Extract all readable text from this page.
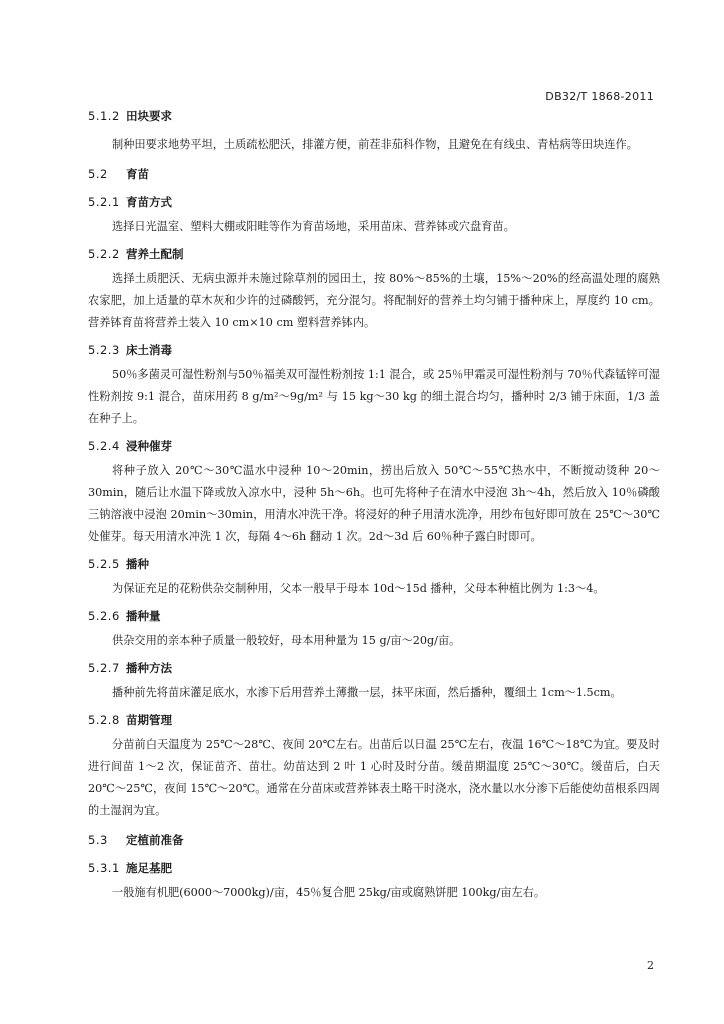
DB32/T 1868-2011
5.1.2 田块要求

制种田要求地势平坦，土质疏松肥沃，排灌方便，前茬非茄科作物，且避免在有线虫、青枯病等田块连作。

5.2 育苗
5.2.1 育苗方式

选择日光温室、塑料大棚或阳畦等作为育苗场地，采用苗床、营养钵或穴盘育苗。

5.2.2 营养土配制

选择土质肥沃、无病虫源并未施过除草剂的园田土，按 80%～85%的土壤，15%～20%的经高温处理的腐熟农家肥，加上适量的草木灰和少许的过磷酸钙，充分混匀。将配制好的营养土均匀铺于播种床上，厚度约 10 cm。营养钵育苗将营养土装入 10 cm×10 cm 塑料营养钵内。

5.2.3 床土消毒

50％多菌灵可湿性粉剂与50％福美双可湿性粉剂按 1:1 混合，或 25％甲霜灵可湿性粉剂与 70％代森锰锌可湿性粉剂按 9:1 混合，苗床用药 8 g/m²～9g/m² 与 15 kg～30 kg 的细土混合均匀，播种时 2/3 铺于床面，1/3 盖在种子上。

5.2.4 浸种催芽

将种子放入 20℃～30℃温水中浸种 10～20min，捞出后放入 50℃～55℃热水中，不断搅动烫种 20～30min，随后让水温下降或放入凉水中，浸种 5h～6h。也可先将种子在清水中浸泡 3h～4h，然后放入 10％磷酸三钠溶液中浸泡 20min～30min，用清水冲洗干净。将浸好的种子用清水洗净，用纱布包好即可放在 25℃～30℃处催芽。每天用清水冲洗 1 次，每隔 4～6h 翻动 1 次。2d～3d 后 60％种子露白时即可。

5.2.5 播种

为保证充足的花粉供杂交制种用，父本一般早于母本 10d～15d 播种，父母本种植比例为 1:3～4。

5.2.6 播种量

供杂交用的亲本种子质量一般较好，母本用种量为 15 g/亩～20g/亩。

5.2.7 播种方法

播种前先将苗床灌足底水，水渗下后用营养土薄撒一层，抹平床面，然后播种，覆细土 1cm～1.5cm。

5.2.8 苗期管理

分苗前白天温度为 25℃～28℃、夜间 20℃左右。出苗后以日温 25℃左右，夜温 16℃～18℃为宜。要及时进行间苗 1～2 次，保证苗齐、苗壮。幼苗达到 2 叶 1 心时及时分苗。缓苗期温度 25℃～30℃。缓苗后，白天 20℃～25℃，夜间 15℃～20℃。通常在分苗床或营养钵表土略干时浇水，浇水量以水分渗下后能使幼苗根系四周的土湿润为宜。

5.3 定植前准备
5.3.1 施足基肥

一般施有机肥(6000～7000kg)/亩，45％复合肥 25kg/亩或腐熟饼肥 100kg/亩左右。

2
